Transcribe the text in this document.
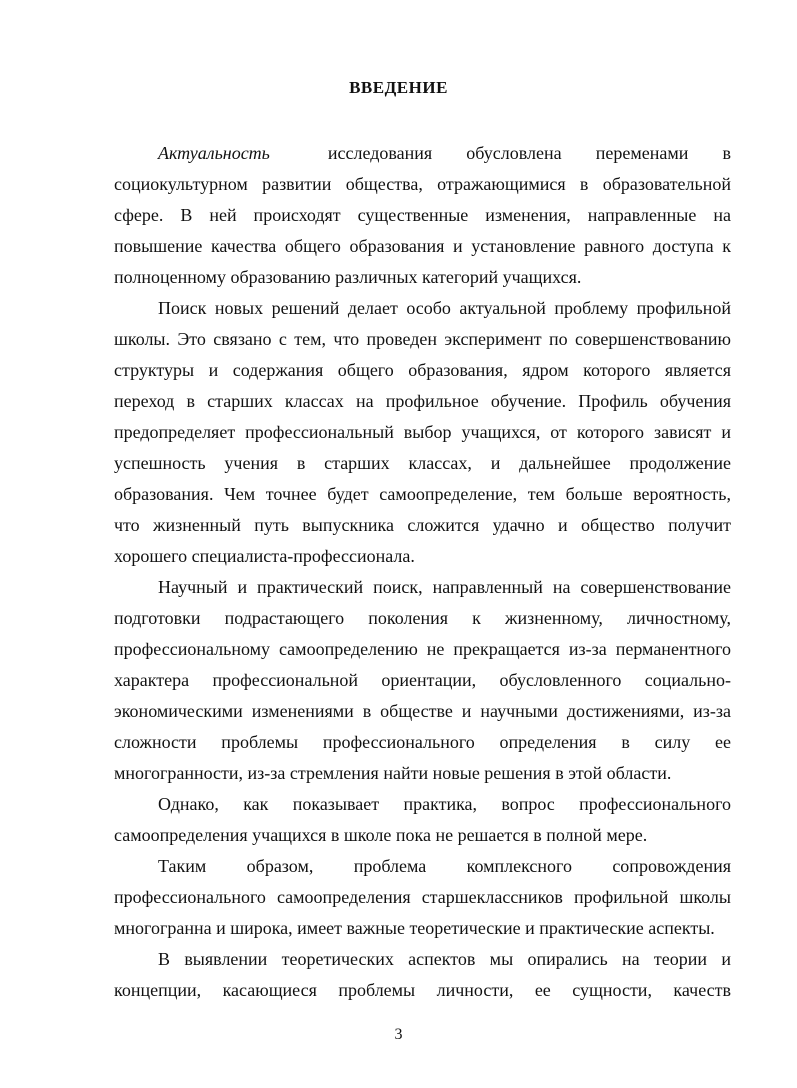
ВВЕДЕНИЕ
Актуальность	исследования обусловлена переменами в
социокультурном развитии общества, отражающимися в образовательной
сфере. В ней происходят существенные изменения, направленные на
повышение качества общего образования и установление равного доступа к
полноценному образованию различных категорий учащихся.
Поиск новых решений делает особо актуальной проблему профильной
школы. Это связано с тем, что проведен эксперимент по совершенствованию
структуры и содержания общего образования, ядром которого является
переход в старших классах на профильное обучение. Профиль обучения
предопределяет профессиональный выбор учащихся, от которого зависят и
успешность учения в старших классах, и дальнейшее продолжение
образования. Чем точнее будет самоопределение, тем больше вероятность,
что жизненный путь выпускника сложится удачно и общество получит
хорошего специалиста-профессионала.
Научный и практический поиск, направленный на совершенствование
подготовки подрастающего поколения к жизненному, личностному,
профессиональному самоопределению не прекращается из-за перманентного
характера профессиональной ориентации, обусловленного социально-
экономическими изменениями в обществе и научными достижениями, из-за
сложности проблемы профессионального определения в силу ее
многогранности, из-за стремления найти новые решения в этой области.
Однако, как показывает практика, вопрос профессионального
самоопределения учащихся в школе пока не решается в полной мере.
Таким образом, проблема комплексного сопровождения
профессионального самоопределения старшеклассников профильной школы
многогранна и широка, имеет важные теоретические и практические аспекты.
В выявлении теоретических аспектов мы опирались на теории и
концепции, касающиеся проблемы личности, ее сущности, качеств
3
